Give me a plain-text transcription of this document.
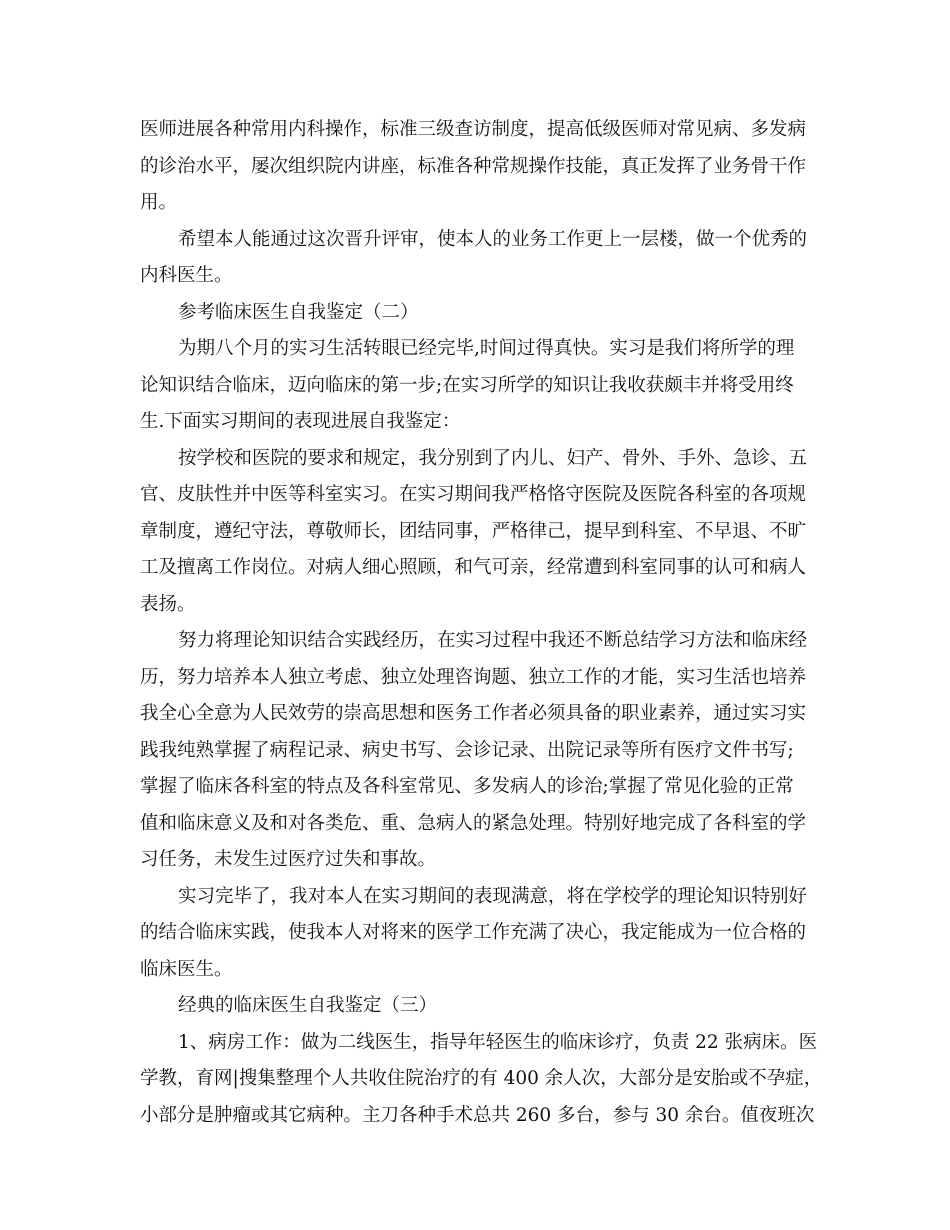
医师进展各种常用内科操作，标准三级查访制度，提高低级医师对常见病、多发病
的诊治水平，屡次组织院内讲座，标准各种常规操作技能，真正发挥了业务骨干作
用。
希望本人能通过这次晋升评审，使本人的业务工作更上一层楼，做一个优秀的
内科医生。
参考临床医生自我鉴定（二）
为期八个月的实习生活转眼已经完毕,时间过得真快。实习是我们将所学的理
论知识结合临床，迈向临床的第一步;在实习所学的知识让我收获颇丰并将受用终
生.下面实习期间的表现进展自我鉴定：
按学校和医院的要求和规定，我分别到了内儿、妇产、骨外、手外、急诊、五
官、皮肤性并中医等科室实习。在实习期间我严格恪守医院及医院各科室的各项规
章制度，遵纪守法，尊敬师长，团结同事，严格律己，提早到科室、不早退、不旷
工及擅离工作岗位。对病人细心照顾，和气可亲，经常遭到科室同事的认可和病人
表扬。
努力将理论知识结合实践经历，在实习过程中我还不断总结学习方法和临床经
历，努力培养本人独立考虑、独立处理咨询题、独立工作的才能，实习生活也培养
我全心全意为人民效劳的崇高思想和医务工作者必须具备的职业素养，通过实习实
践我纯熟掌握了病程记录、病史书写、会诊记录、出院记录等所有医疗文件书写;
掌握了临床各科室的特点及各科室常见、多发病人的诊治;掌握了常见化验的正常
值和临床意义及和对各类危、重、急病人的紧急处理。特别好地完成了各科室的学
习任务，未发生过医疗过失和事故。
实习完毕了，我对本人在实习期间的表现满意，将在学校学的理论知识特别好
的结合临床实践，使我本人对将来的医学工作充满了决心，我定能成为一位合格的
临床医生。
经典的临床医生自我鉴定（三）
1、病房工作：做为二线医生，指导年轻医生的临床诊疗，负责 22 张病床。医
学教，育网|搜集整理个人共收住院治疗的有 400 余人次，大部分是安胎或不孕症，
小部分是肿瘤或其它病种。主刀各种手术总共 260 多台，参与 30 余台。值夜班次
